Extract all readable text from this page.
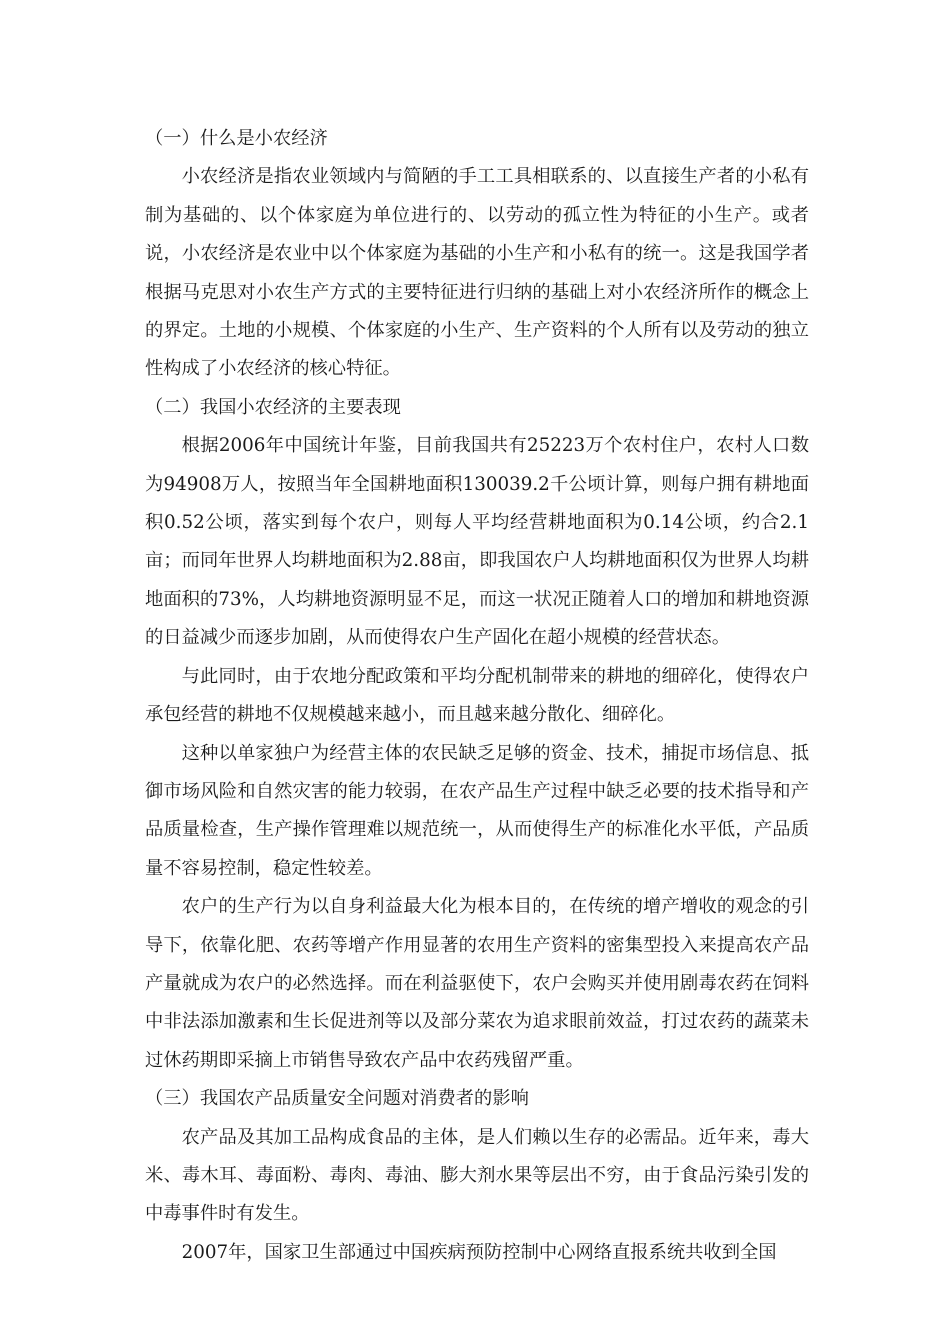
（一）什么是小农经济

小农经济是指农业领域内与简陋的手工工具相联系的、以直接生产者的小私有制为基础的、以个体家庭为单位进行的、以劳动的孤立性为特征的小生产。或者说，小农经济是农业中以个体家庭为基础的小生产和小私有的统一。这是我国学者根据马克思对小农生产方式的主要特征进行归纳的基础上对小农经济所作的概念上的界定。土地的小规模、个体家庭的小生产、生产资料的个人所有以及劳动的独立性构成了小农经济的核心特征。

（二）我国小农经济的主要表现

根据2006年中国统计年鉴，目前我国共有25223万个农村住户，农村人口数为94908万人，按照当年全国耕地面积130039.2千公顷计算，则每户拥有耕地面积0.52公顷，落实到每个农户，则每人平均经营耕地面积为0.14公顷，约合2.1亩；而同年世界人均耕地面积为2.88亩，即我国农户人均耕地面积仅为世界人均耕地面积的73%，人均耕地资源明显不足，而这一状况正随着人口的增加和耕地资源的日益减少而逐步加剧，从而使得农户生产固化在超小规模的经营状态。

与此同时，由于农地分配政策和平均分配机制带来的耕地的细碎化，使得农户承包经营的耕地不仅规模越来越小，而且越来越分散化、细碎化。

这种以单家独户为经营主体的农民缺乏足够的资金、技术，捕捉市场信息、抵御市场风险和自然灾害的能力较弱，在农产品生产过程中缺乏必要的技术指导和产品质量检查，生产操作管理难以规范统一，从而使得生产的标准化水平低，产品质量不容易控制，稳定性较差。

农户的生产行为以自身利益最大化为根本目的，在传统的增产增收的观念的引导下，依靠化肥、农药等增产作用显著的农用生产资料的密集型投入来提高农产品产量就成为农户的必然选择。而在利益驱使下，农户会购买并使用剧毒农药在饲料中非法添加激素和生长促进剂等以及部分菜农为追求眼前效益，打过农药的蔬菜未过休药期即采摘上市销售导致农产品中农药残留严重。

（三）我国农产品质量安全问题对消费者的影响

农产品及其加工品构成食品的主体，是人们赖以生存的必需品。近年来，毒大米、毒木耳、毒面粉、毒肉、毒油、膨大剂水果等层出不穷，由于食品污染引发的中毒事件时有发生。

2007年，国家卫生部通过中国疾病预防控制中心网络直报系统共收到全国
